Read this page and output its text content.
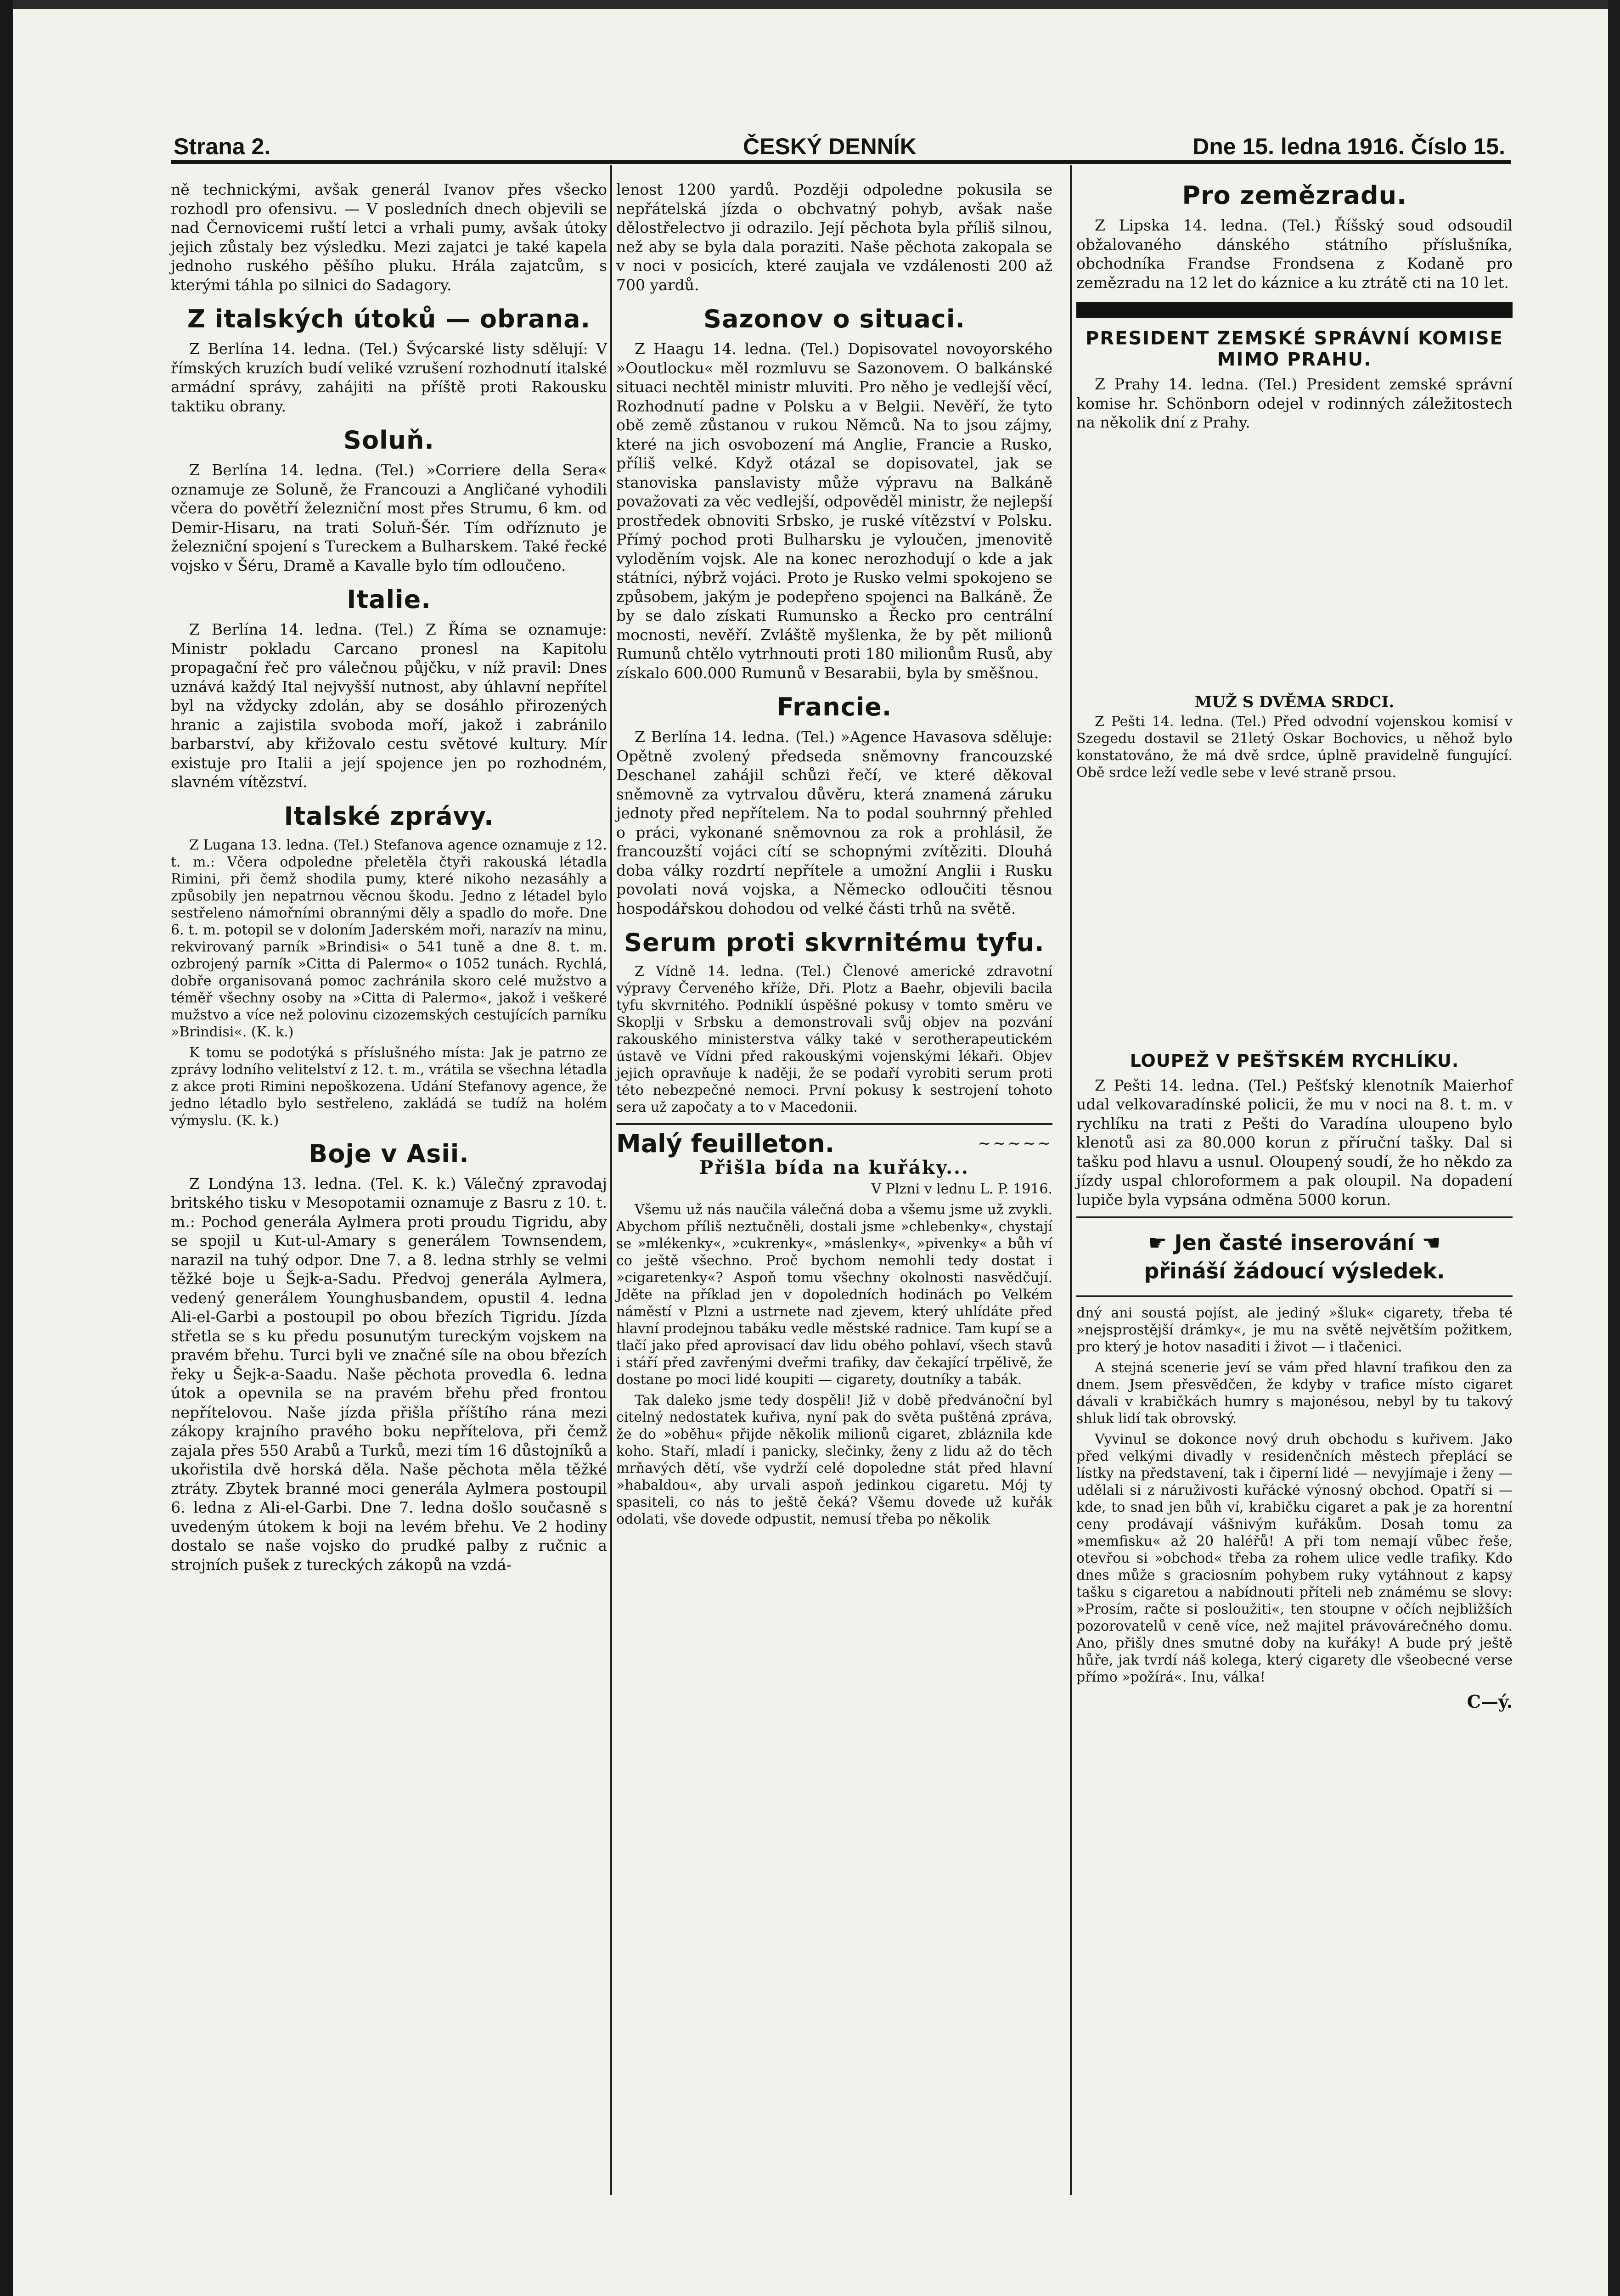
Strana 2.	ČESKÝ DENNÍK	Dne 15. ledna 1916. Číslo 15.

ně technickými, avšak generál Ivanov přes všecko rozhodl pro ofensivu. — V posledních dnech objevili se nad Černovicemi ruští letci a vrhali pumy, avšak útoky jejich zůstaly bez výsledku. Mezi zajatci je také kapela jednoho ruského pěšího pluku. Hrála zajatcům, s kterými táhla po silnici do Sadagory.

Z italských útoků — obrana.

Z Berlína 14. ledna. (Tel.) Švýcarské listy sdělují: V římských kruzích budí veliké vzrušení rozhodnutí italské armádní správy, zahájiti na příště proti Rakousku taktiku obrany.

Soluň.

Z Berlína 14. ledna. (Tel.) »Corriere della Sera« oznamuje ze Soluně, že Francouzi a Angličané vyhodili včera do povětří železniční most přes Strumu, 6 km. od Demir-Hisaru, na trati Soluň-Šér. Tím odříznuto je železniční spojení s Tureckem a Bulharskem. Také řecké vojsko v Šéru, Dramě a Kavalle bylo tím odloučeno.

Italie.

Z Berlína 14. ledna. (Tel.) Z Říma se oznamuje: Ministr pokladu Carcano pronesl na Kapitolu propagační řeč pro válečnou půjčku, v níž pravil: Dnes uznává každý Ital nejvyšší nutnost, aby úhlavní nepřítel byl na vždycky zdolán, aby se dosáhlo přirozených hranic a zajistila svoboda moří, jakož i zabránilo barbarství, aby křižovalo cestu světové kultury. Mír existuje pro Italii a její spojence jen po rozhodném, slavném vítězství.

Italské zprávy.

Z Lugana 13. ledna. (Tel.) Stefanova agence oznamuje z 12. t. m.: Včera odpoledne přeletěla čtyři rakouská létadla Rimini, při čemž shodila pumy, které nikoho nezasáhly a způsobily jen nepatrnou věcnou škodu. Jedno z létadel bylo sestřeleno námořními obrannými děly a spadlo do moře. Dne 6. t. m. potopil se v doloním Jaderském moři, narazív na minu, rekvirovaný parník »Brindisi« o 541 tuně a dne 8. t. m. ozbrojený parník »Citta di Palermo« o 1052 tunách. Rychlá, dobře organisovaná pomoc zachránila skoro celé mužstvo a téměř všechny osoby na »Citta di Palermo«, jakož i veškeré mužstvo a více než polovinu cizozemských cestujících parníku »Brindisi«. (K. k.)

K tomu se podotýká s příslušného místa: Jak je patrno ze zprávy lodního velitelství z 12. t. m., vrátila se všechna létadla z akce proti Rimini nepoškozena. Udání Stefanovy agence, že jedno létadlo bylo sestřeleno, zakládá se tudíž na holém výmyslu. (K. k.)

Boje v Asii.

Z Londýna 13. ledna. (Tel. K. k.) Válečný zpravodaj britského tisku v Mesopotamii oznamuje z Basru z 10. t. m.: Pochod generála Aylmera proti proudu Tigridu, aby se spojil u Kut-ul-Amary s generálem Townsendem, narazil na tuhý odpor. Dne 7. a 8. ledna strhly se velmi těžké boje u Šejk-a-Sadu. Předvoj generála Aylmera, vedený generálem Younghusbandem, opustil 4. ledna Ali-el-Garbi a postoupil po obou březích Tigridu. Jízda střetla se s ku předu posunutým tureckým vojskem na pravém břehu. Turci byli ve značné síle na obou březích řeky u Šejk-a-Saadu. Naše pěchota provedla 6. ledna útok a opevnila se na pravém břehu před frontou nepřítelovou. Naše jízda přišla příštího rána mezi zákopy krajního pravého boku nepřítelova, při čemž zajala přes 550 Arabů a Turků, mezi tím 16 důstojníků a ukořistila dvě horská děla. Naše pěchota měla těžké ztráty. Zbytek branné moci generála Aylmera postoupil 6. ledna z Ali-el-Garbi. Dne 7. ledna došlo současně s uvedeným útokem k boji na levém břehu. Ve 2 hodiny dostalo se naše vojsko do prudké palby z ručnic a strojních pušek z tureckých zákopů na vzdá-

lenost 1200 yardů. Později odpoledne pokusila se nepřátelská jízda o obchvatný pohyb, avšak naše dělostřelectvo ji odrazilo. Její pěchota byla příliš silnou, než aby se byla dala poraziti. Naše pěchota zakopala se v noci v posicích, které zaujala ve vzdálenosti 200 až 700 yardů.

Sazonov o situaci.

Z Haagu 14. ledna. (Tel.) Dopisovatel novoyorského »Ooutlocku« měl rozmluvu se Sazonovem. O balkánské situaci nechtěl ministr mluviti. Pro něho je vedlejší věcí, Rozhodnutí padne v Polsku a v Belgii. Nevěří, že tyto obě země zůstanou v rukou Němců. Na to jsou zájmy, které na jich osvobození má Anglie, Francie a Rusko, příliš velké. Když otázal se dopisovatel, jak se stanoviska panslavisty může výpravu na Balkáně považovati za věc vedlejší, odpověděl ministr, že nejlepší prostředek obnoviti Srbsko, je ruské vítězství v Polsku. Přímý pochod proti Bulharsku je vyloučen, jmenovitě vyloděním vojsk. Ale na konec nerozhodují o kde a jak státníci, nýbrž vojáci. Proto je Rusko velmi spokojeno se způsobem, jakým je podepřeno spojenci na Balkáně. Že by se dalo získati Rumunsko a Řecko pro centrální mocnosti, nevěří. Zvláště myšlenka, že by pět milionů Rumunů chtělo vytrhnouti proti 180 milionům Rusů, aby získalo 600.000 Rumunů v Besarabii, byla by směšnou.

Francie.

Z Berlína 14. ledna. (Tel.) »Agence Havasova sděluje: Opětně zvolený předseda sněmovny francouzské Deschanel zahájil schůzi řečí, ve které děkoval sněmovně za vytrvalou důvěru, která znamená záruku jednoty před nepřítelem. Na to podal souhrnný přehled o práci, vykonané sněmovnou za rok a prohlásil, že francouzští vojáci cítí se schopnými zvítěziti. Dlouhá doba války rozdrtí nepřítele a umožní Anglii i Rusku povolati nová vojska, a Německo odloučiti těsnou hospodářskou dohodou od velké části trhů na světě.

Serum proti skvrnitému tyfu.

Z Vídně 14. ledna. (Tel.) Členové americké zdravotní výpravy Červeného kříže, Dři. Plotz a Baehr, objevili bacila tyfu skvrnitého. Podniklí úspěšné pokusy v tomto směru ve Skoplji v Srbsku a demonstrovali svůj objev na pozvání rakouského ministerstva války také v serotherapeutickém ústavě ve Vídni před rakouskými vojenskými lékaři. Objev jejich opravňuje k naději, že se podaří vyrobiti serum proti této nebezpečné nemoci. První pokusy k sestrojení tohoto sera už započaty a to v Macedonii.

Malý feuilleton.	~~~~~
Přišla bída na kuřáky...

V Plzni v lednu L. P. 1916.

Všemu už nás naučila válečná doba a všemu jsme už zvykli. Abychom příliš neztučněli, dostali jsme »chlebenky«, chystají se »mlékenky«, »cukrenky«, »máslenky«, »pivenky« a bůh ví co ještě všechno. Proč bychom nemohli tedy dostat i »cigaretenky«? Aspoň tomu všechny okolnosti nasvědčují. Jděte na příklad jen v dopoledních hodinách po Velkém náměstí v Plzni a ustrnete nad zjevem, který uhlídáte před hlavní prodejnou tabáku vedle městské radnice. Tam kupí se a tlačí jako před aprovisací dav lidu obého pohlaví, všech stavů i stáří před zavřenými dveřmi trafiky, dav čekající trpělivě, že dostane po moci lidé koupiti — cigarety, doutníky a tabák.

Tak daleko jsme tedy dospěli! Již v době předvánoční byl citelný nedostatek kuřiva, nyní pak do světa puštěná zpráva, že do »oběhu« přijde několik milionů cigaret, zbláznila kde koho. Staří, mladí i panicky, slečinky, ženy z lidu až do těch mrňavých dětí, vše vydrží celé dopoledne stát před hlavní »habaldou«, aby urvali aspoň jedinkou cigaretu. Mój ty spasiteli, co nás to ještě čeká? Všemu dovede už kuřák odolati, vše dovede odpustit, nemusí třeba po několik

Pro zemězradu.

Z Lipska 14. ledna. (Tel.) Říšský soud odsoudil obžalovaného dánského státního příslušníka, obchodníka Frandse Frondsena z Kodaně pro zemězradu na 12 let do káznice a ku ztrátě cti na 10 let.

PRESIDENT ZEMSKÉ SPRÁVNÍ KOMISE MIMO PRAHU.

Z Prahy 14. ledna. (Tel.) President zemské správní komise hr. Schönborn odejel v rodinných záležitostech na několik dní z Prahy.

MUŽ S DVĚMA SRDCI.

Z Pešti 14. ledna. (Tel.) Před odvodní vojenskou komisí v Szegedu dostavil se 21letý Oskar Bochovics, u něhož bylo konstatováno, že má dvě srdce, úplně pravidelně fungující. Obě srdce leží vedle sebe v levé straně prsou.

LOUPEŽ V PEŠŤSKÉM RYCHLÍKU.

Z Pešti 14. ledna. (Tel.) Pešťský klenotník Maierhof udal velkovaradínské policii, že mu v noci na 8. t. m. v rychlíku na trati z Pešti do Varadína uloupeno bylo klenotů asi za 80.000 korun z příruční tašky. Dal si tašku pod hlavu a usnul. Oloupený soudí, že ho někdo za jízdy uspal chloroformem a pak oloupil. Na dopadení lupiče byla vypsána odměna 5000 korun.

☛ Jen časté inserování ☚
přináší žádoucí výsledek.

dný ani soustá pojíst, ale jediný »šluk« cigarety, třeba té »nejsprostější drámky«, je mu na světě největším požitkem, pro který je hotov nasaditi i život — i tlačenici.

A stejná scenerie jeví se vám před hlavní trafikou den za dnem. Jsem přesvědčen, že kdyby v trafice místo cigaret dávali v krabičkách humry s majonésou, nebyl by tu takový shluk lidí tak obrovský.

Vyvinul se dokonce nový druh obchodu s kuřivem. Jako před velkými divadly v residenčních městech přeplácí se lístky na představení, tak i čiperní lidé — nevyjímaje i ženy — udělali si z náruživosti kuřácké výnosný obchod. Opatří si — kde, to snad jen bůh ví, krabičku cigaret a pak je za horentní ceny prodávají vášnivým kuřákům. Dosah tomu za »memfisku« až 20 haléřů! A při tom nemají vůbec řeše, otevřou si »obchod« třeba za rohem ulice vedle trafiky. Kdo dnes může s graciosním pohybem ruky vytáhnout z kapsy tašku s cigaretou a nabídnouti příteli neb známému se slovy: »Prosím, račte si posloužiti«, ten stoupne v očích nejbližších pozorovatelů v ceně více, než majitel právovárečného domu. Ano, přišly dnes smutné doby na kuřáky! A bude prý ještě hůře, jak tvrdí náš kolega, který cigarety dle všeobecné verse přímo »požírá«. Inu, válka!

C—ý.
